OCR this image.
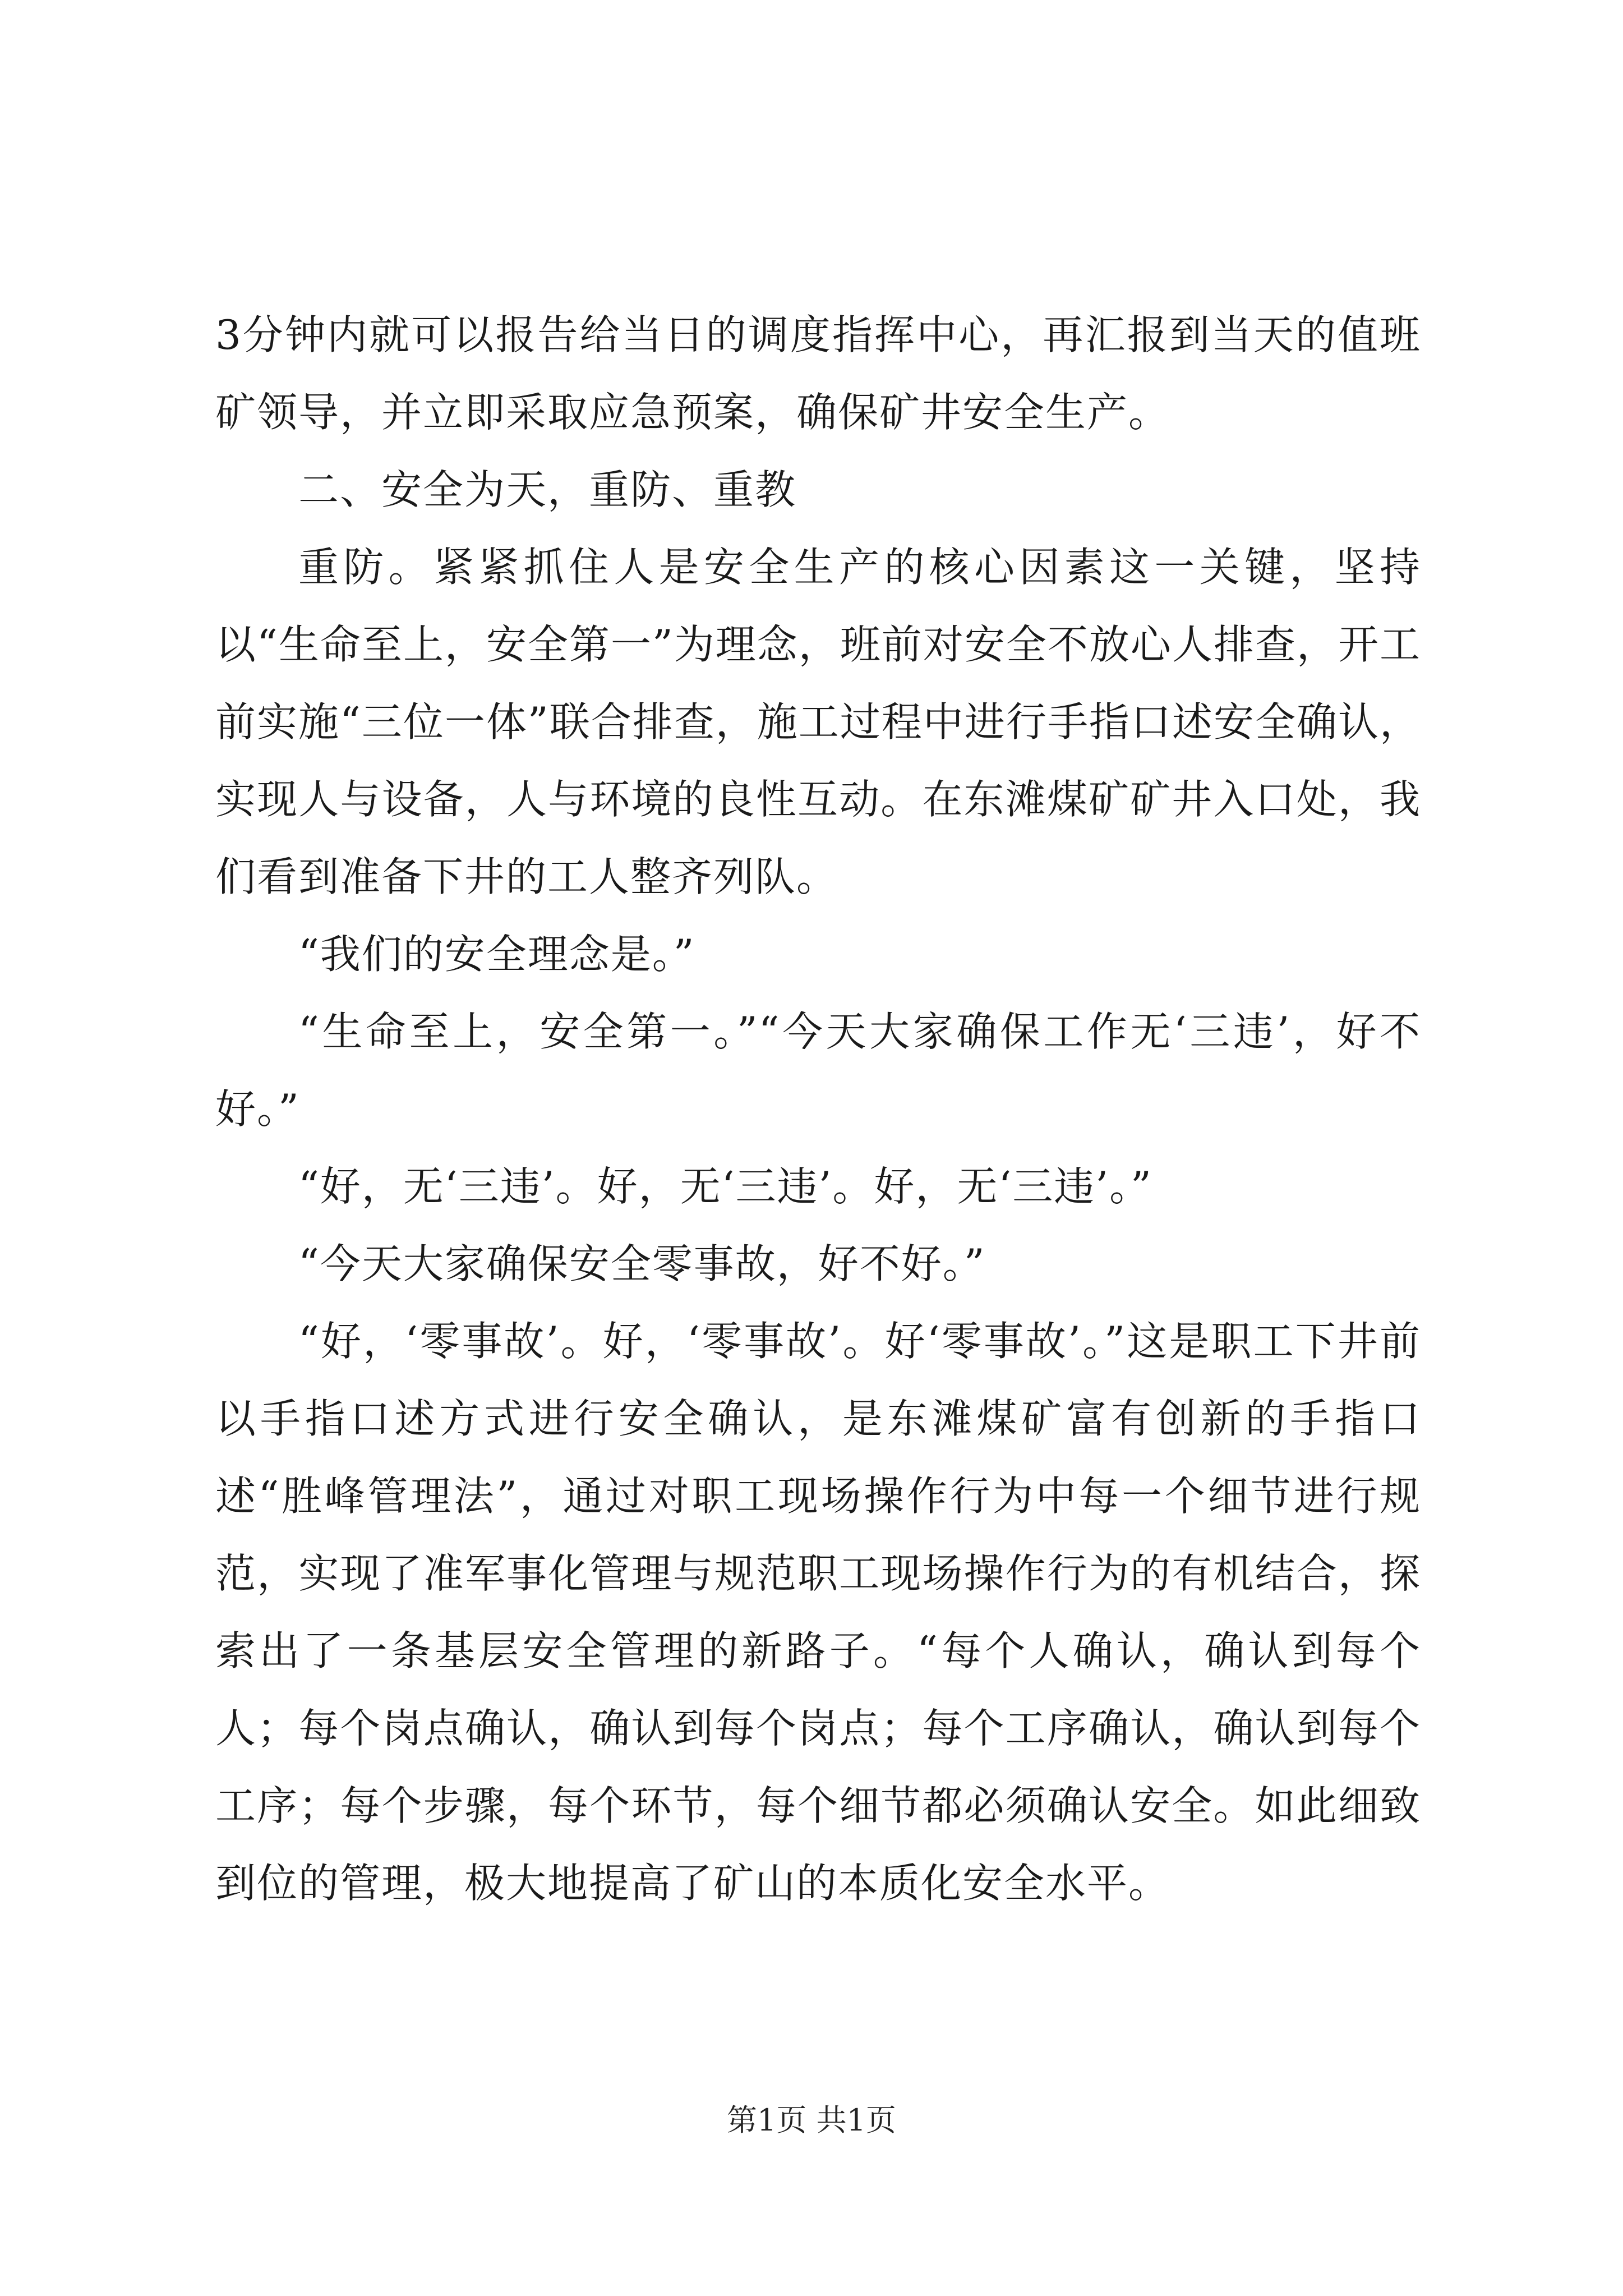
3分钟内就可以报告给当日的调度指挥中心，再汇报到当天的值班矿领导，并立即采取应急预案，确保矿井安全生产。

二、安全为天，重防、重教

重防。紧紧抓住人是安全生产的核心因素这一关键，坚持以“生命至上，安全第一”为理念，班前对安全不放心人排查，开工前实施“三位一体”联合排查，施工过程中进行手指口述安全确认，实现人与设备，人与环境的良性互动。在东滩煤矿矿井入口处，我们看到准备下井的工人整齐列队。

“我们的安全理念是。”

“生命至上，安全第一。”“今天大家确保工作无‘三违’，好不好。”

“好，无‘三违’。好，无‘三违’。好，无‘三违’。”

“今天大家确保安全零事故，好不好。”

“好，‘零事故’。好，‘零事故’。好‘零事故’。”这是职工下井前以手指口述方式进行安全确认，是东滩煤矿富有创新的手指口述“胜峰管理法”，通过对职工现场操作行为中每一个细节进行规范，实现了准军事化管理与规范职工现场操作行为的有机结合，探索出了一条基层安全管理的新路子。“每个人确认，确认到每个人；每个岗点确认，确认到每个岗点；每个工序确认，确认到每个工序；每个步骤，每个环节，每个细节都必须确认安全。如此细致到位的管理，极大地提高了矿山的本质化安全水平。

第1页 共1页
